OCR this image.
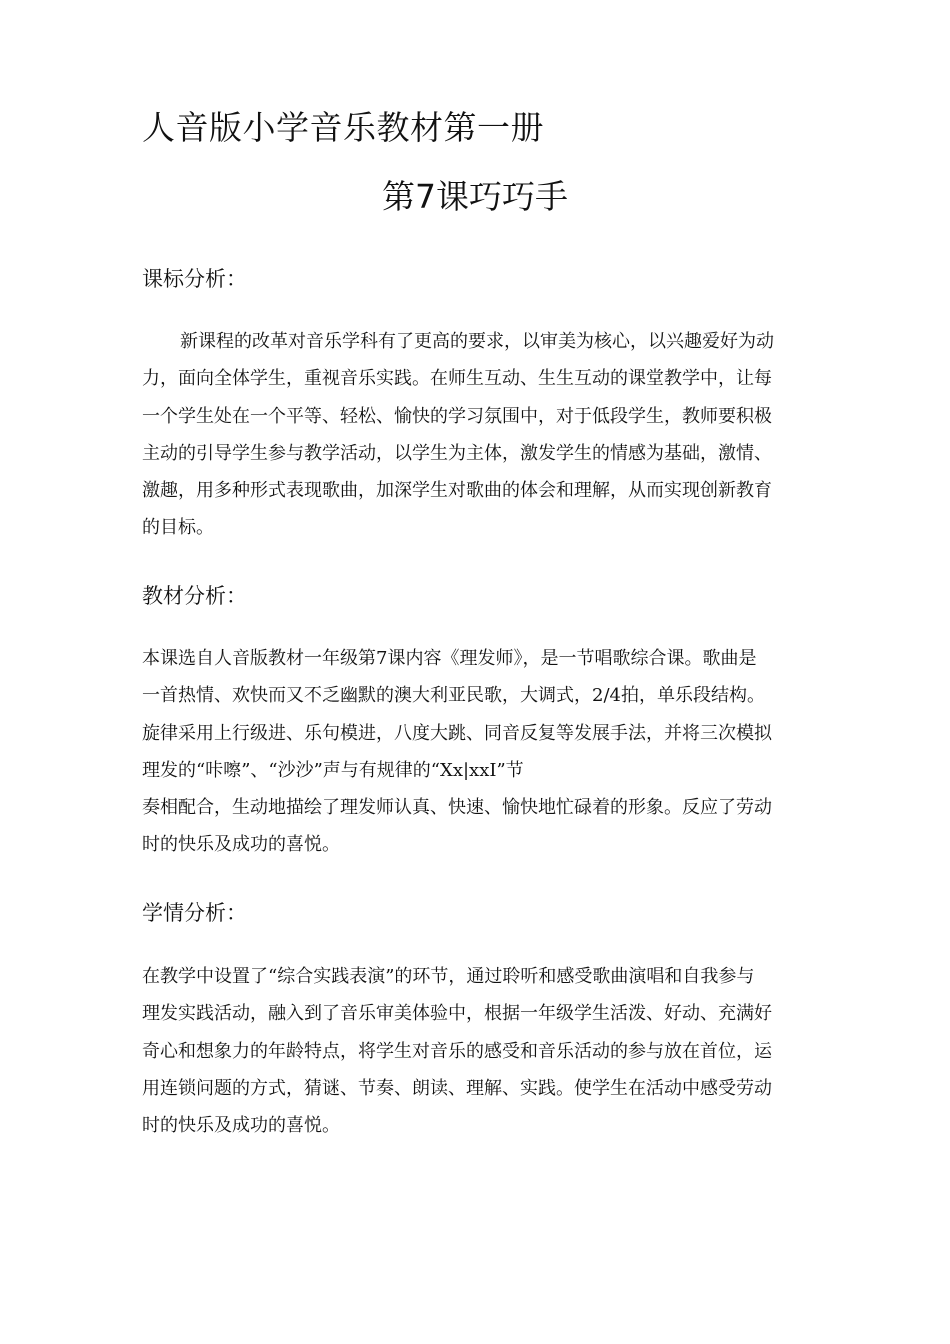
人音版小学音乐教材第一册
第7课巧巧手
课标分析：
新课程的改革对音乐学科有了更高的要求，以审美为核心，以兴趣爱好为动
力，面向全体学生，重视音乐实践。在师生互动、生生互动的课堂教学中，让每
一个学生处在一个平等、轻松、愉快的学习氛围中，对于低段学生，教师要积极
主动的引导学生参与教学活动，以学生为主体，激发学生的情感为基础，激情、
激趣，用多种形式表现歌曲，加深学生对歌曲的体会和理解，从而实现创新教育
的目标。
教材分析：
本课选自人音版教材一年级第7课内容《理发师》，是一节唱歌综合课。歌曲是
一首热情、欢快而又不乏幽默的澳大利亚民歌，大调式，2/4拍，单乐段结构。
旋律采用上行级进、乐句模进，八度大跳、同音反复等发展手法，并将三次模拟
理发的“咔嚓”、“沙沙”声与有规律的“Xx|xxI”节
奏相配合，生动地描绘了理发师认真、快速、愉快地忙碌着的形象。反应了劳动
时的快乐及成功的喜悦。
学情分析：
在教学中设置了“综合实践表演”的环节，通过聆听和感受歌曲演唱和自我参与
理发实践活动，融入到了音乐审美体验中，根据一年级学生活泼、好动、充满好
奇心和想象力的年龄特点，将学生对音乐的感受和音乐活动的参与放在首位，运
用连锁问题的方式，猜谜、节奏、朗读、理解、实践。使学生在活动中感受劳动
时的快乐及成功的喜悦。
